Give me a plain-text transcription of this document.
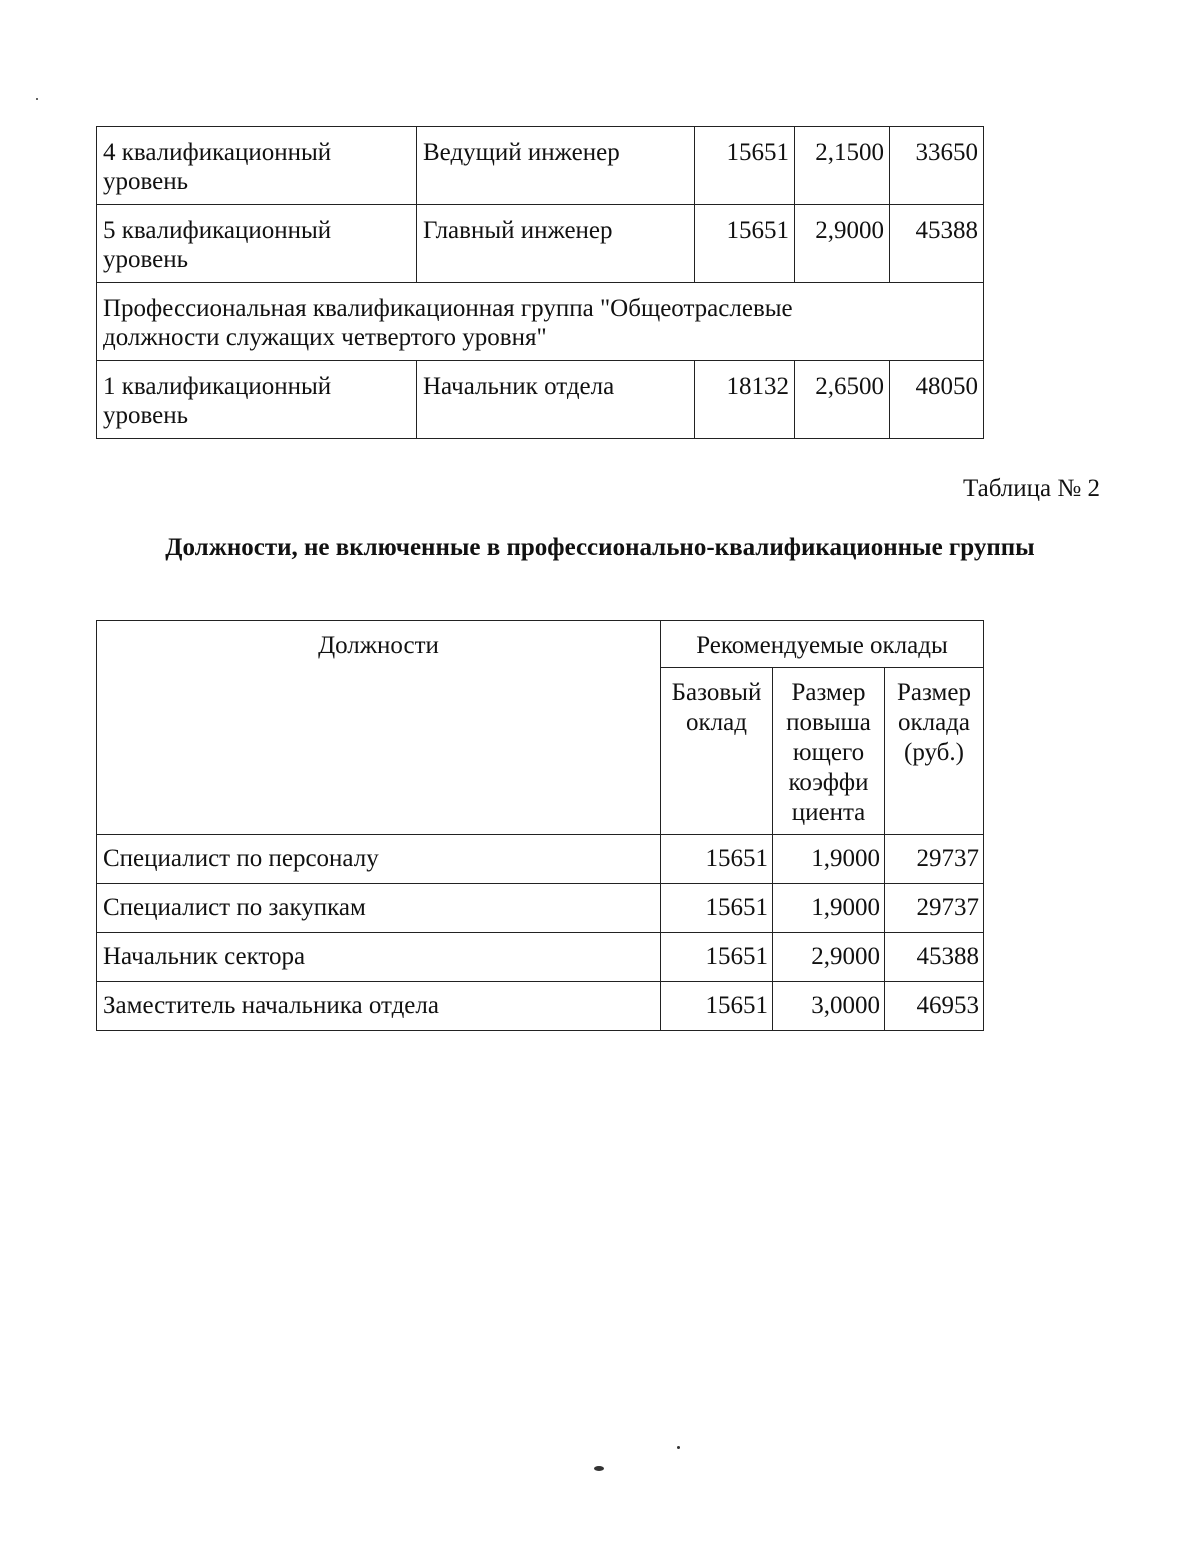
4 квалификационный уровень	Ведущий инженер	15651	2,1500	33650
5 квалификационный уровень	Главный инженер	15651	2,9000	45388

Профессиональная квалификационная группа "Общеотраслевые должности служащих четвертого уровня"				

1 квалификационный уровень	Начальник отдела	18132	2,6500	48050
Таблица № 2
Должности, не включенные в профессионально-квалификационные группы
Должности	Рекомендуемые оклады		
	Базовый оклад	Размер повыша ющего коэффи циента	Размер оклада (руб.)
Специалист по персоналу	15651	1,9000	29737
Специалист по закупкам	15651	1,9000	29737
Начальник сектора	15651	2,9000	45388
Заместитель начальника отдела	15651	3,0000	46953
